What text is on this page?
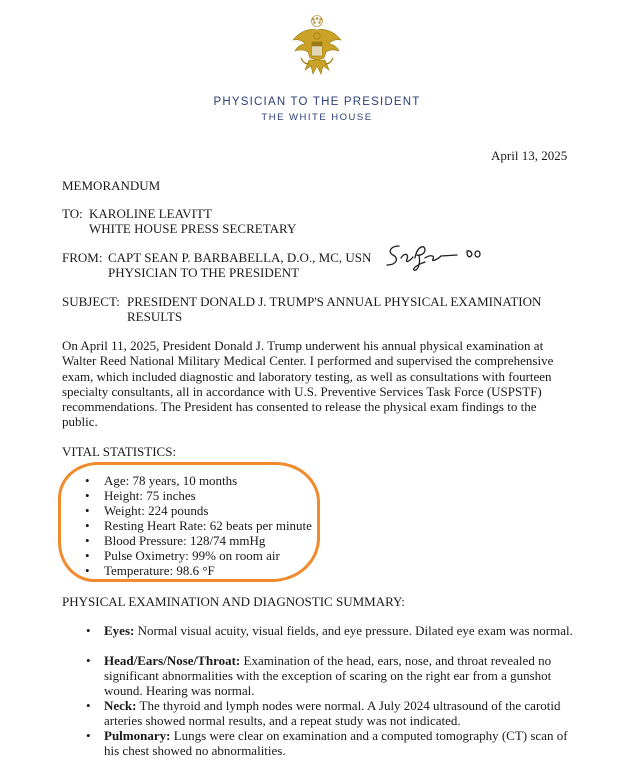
PHYSICIAN TO THE PRESIDENT
THE WHITE HOUSE
April 13, 2025
MEMORANDUM
TO: KAROLINE LEAVITT
WHITE HOUSE PRESS SECRETARY
FROM: CAPT SEAN P. BARBABELLA, D.O., MC, USN
PHYSICIAN TO THE PRESIDENT
SUBJECT: PRESIDENT DONALD J. TRUMP'S ANNUAL PHYSICAL EXAMINATION
RESULTS
On April 11, 2025, President Donald J. Trump underwent his annual physical examination at Walter Reed National Military Medical Center. I performed and supervised the comprehensive exam, which included diagnostic and laboratory testing, as well as consultations with fourteen specialty consultants, all in accordance with U.S. Preventive Services Task Force (USPSTF) recommendations. The President has consented to release the physical exam findings to the public.
VITAL STATISTICS:
• Age: 78 years, 10 months
• Height: 75 inches
• Weight: 224 pounds
• Resting Heart Rate: 62 beats per minute
• Blood Pressure: 128/74 mmHg
• Pulse Oximetry: 99% on room air
• Temperature: 98.6 °F
PHYSICAL EXAMINATION AND DIAGNOSTIC SUMMARY:
• Eyes: Normal visual acuity, visual fields, and eye pressure. Dilated eye exam was normal.
• Head/Ears/Nose/Throat: Examination of the head, ears, nose, and throat revealed no significant abnormalities with the exception of scaring on the right ear from a gunshot wound. Hearing was normal.
• Neck: The thyroid and lymph nodes were normal. A July 2024 ultrasound of the carotid arteries showed normal results, and a repeat study was not indicated.
• Pulmonary: Lungs were clear on examination and a computed tomography (CT) scan of his chest showed no abnormalities.
